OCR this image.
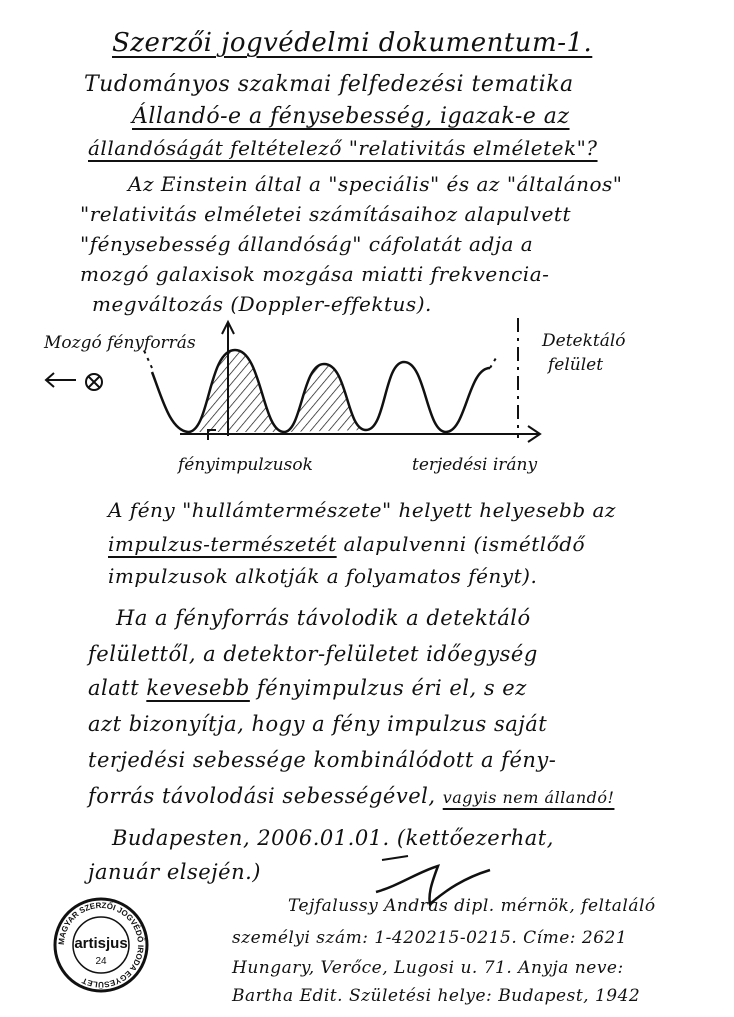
Szerzői jogvédelmi dokumentum-1.
Tudományos szakmai felfedezési tematika
Állandó-e a fénysebesség, igazak-e az
állandóságát feltételező "relativitás elméletek"?
Az Einstein által a "speciális" és az "általános"
"relativitás elméletei számításaihoz alapulvett
"fénysebesség állandóság" cáfolatát adja a
mozgó galaxisok mozgása miatti frekvencia-
megváltozás (Doppler-effektus).
Mozgó fényforrás	Detektáló
felület
fényimpulzusok	terjedési irány
A fény "hullámtermészete" helyett helyesebb az
impulzus-természetét alapulvenni (ismétlődő
impulzusok alkotják a folyamatos fényt).
Ha a fényforrás távolodik a detektáló
felülettől, a detektor-felületet időegység
alatt kevesebb fényimpulzus éri el, s ez
azt bizonyítja, hogy a fény impulzus saját
terjedési sebessége kombinálódott a fény-
forrás távolodási sebességével, vagyis nem állandó!
Budapesten, 2006.01.01. (kettőezerhat,
január elsején.)
Tejfalussy András dipl. mérnök, feltaláló
személyi szám: 1-420215-0215. Címe: 2621
Hungary, Verőce, Lugosi u. 71. Anyja neve:
Bartha Edit. Születési helye: Budapest, 1942
MAGYAR SZERZŐI JOGVÉDŐ IRODA EGYESÜLET
artisjus
24
